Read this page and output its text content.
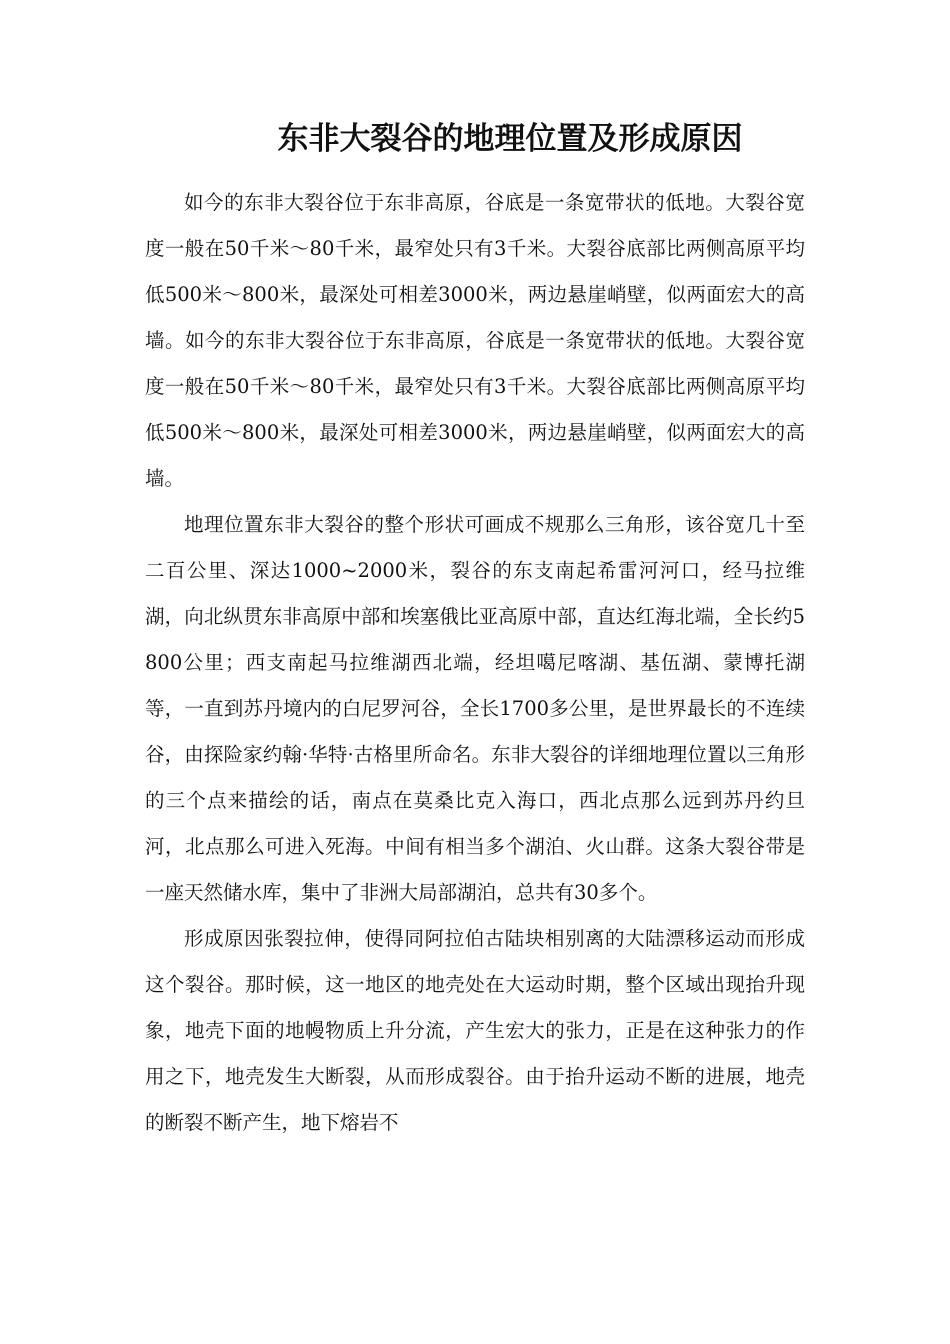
东非大裂谷的地理位置及形成原因

如今的东非大裂谷位于东非高原，谷底是一条宽带状的低地。大裂谷宽度一般在50千米～80千米，最窄处只有3千米。大裂谷底部比两侧高原平均低500米～800米，最深处可相差3000米，两边悬崖峭壁，似两面宏大的高墙。如今的东非大裂谷位于东非高原，谷底是一条宽带状的低地。大裂谷宽度一般在50千米～80千米，最窄处只有3千米。大裂谷底部比两侧高原平均低500米～800米，最深处可相差3000米，两边悬崖峭壁，似两面宏大的高墙。

地理位置东非大裂谷的整个形状可画成不规那么三角形，该谷宽几十至二百公里、深达1000~2000米，裂谷的东支南起希雷河河口，经马拉维湖，向北纵贯东非高原中部和埃塞俄比亚高原中部，直达红海北端，全长约5800公里；西支南起马拉维湖西北端，经坦噶尼喀湖、基伍湖、蒙博托湖等，一直到苏丹境内的白尼罗河谷，全长1700多公里，是世界最长的不连续谷，由探险家约翰·华特·古格里所命名。东非大裂谷的详细地理位置以三角形的三个点来描绘的话，南点在莫桑比克入海口，西北点那么远到苏丹约旦河，北点那么可进入死海。中间有相当多个湖泊、火山群。这条大裂谷带是一座天然储水库，集中了非洲大局部湖泊，总共有30多个。

形成原因张裂拉伸，使得同阿拉伯古陆块相别离的大陆漂移运动而形成这个裂谷。那时候，这一地区的地壳处在大运动时期，整个区域出现抬升现象，地壳下面的地幔物质上升分流，产生宏大的张力，正是在这种张力的作用之下，地壳发生大断裂，从而形成裂谷。由于抬升运动不断的进展，地壳的断裂不断产生，地下熔岩不
